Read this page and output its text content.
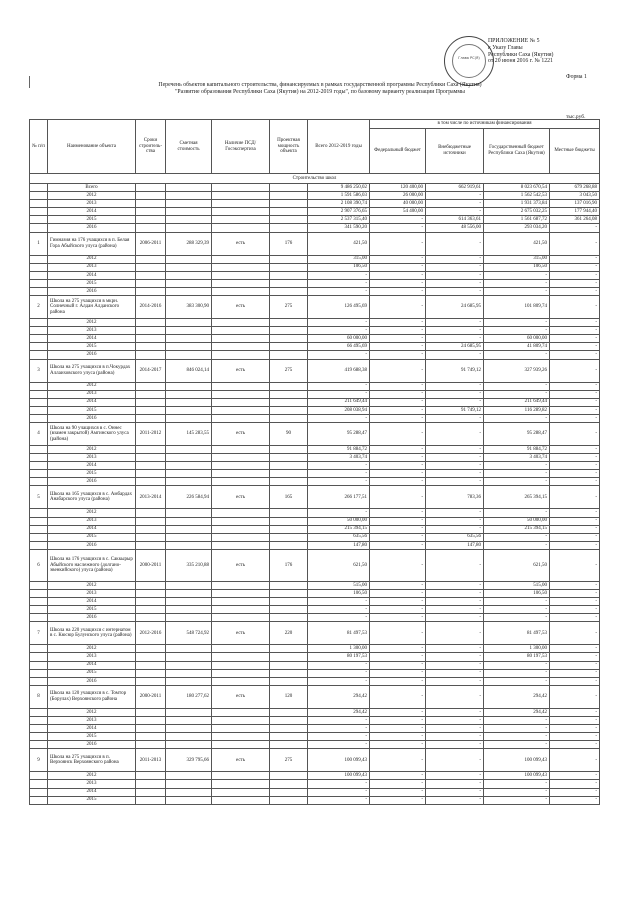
Глава РС(Я)
ПРИЛОЖЕНИЕ № 5
к Указу Главы
Республики Саха (Якутия)
от 20 июня 2016 г. № 1221
Форма 1
Перечень объектов капитального строительства, финансируемых в рамках государственной программы Республики Саха (Якутия)
"Развитие образования Республики Саха (Якутия) на 2012-2019 годы", по базовому варианту реализации Программы
тыс.руб.
№ п/п	Наименование объекта	Сроки строитель-ства	Сметная стоимость	Наличие ПСД/ Госэкспертиза	Проектная мощность объекта	Всего 2012-2019 годы	в том числе по источникам финансирования			
							Федеральный бюджет	Внебюджетные источники	Государственный бюджет Республики Саха (Якутия)	Местные бюджеты
Строительство школ										
	Всего					9 486 250,02	120 400,00	662 919,61	8 023 670,54	679 268,88
	2012					1 591 586,03	26 000,00	-	1 562 542,53	3 043,50
	2013					2 108 390,74	40 000,00	-	1 931 373,84	137 016,90
	2014					2 907 376,65	54 400,00	-	2 675 032,25	177 944,40
	2015					2 537 315,40	-	614 363,61	1 561 687,72	361 264,08
	2016					341 590,20	-	48 556,00	293 034,20	-
1	Гимназия на 176 учащихся в п. Белая Гора Абыйского улуса (района)	2006-2011	288 329,39	есть	176	421,50	-	-	421,50	-
	2012					315,00	-	-	315,00	-
	2013					106,50	-	-	106,50	-
	2014					-	-	-	-	-
	2015					-	-	-	-	-
	2016					-	-	-	-	-
2	Школа на 275 учащихся в мкрн. Солнечный г. Алдан Алданского района	2014-2016	383 300,90	есть	275	126 495,69	-	24 685,95	101 809,74	-
	2012					-	-	-	-	-
	2013					-	-	-	-	-
	2014					60 000,00	-	-	60 000,00	-
	2015					66 495,69	-	24 685,95	41 809,74	-
	2016					-	-	-	-	-
3	Школа на 275 учащихся в п.Чокурдах Аллаиховского улуса (района)	2014-2017	846 024,14	есть	275	419 688,38	-	91 749,12	327 939,26	-
	2012					-	-	-	-	-
	2013					-	-	-	-	-
	2014					211 649,44	-	-	211 649,44	-
	2015					208 038,94	-	91 749,12	116 289,82	-
	2016					-	-	-	-	-
4	Школа на 90 учащихся в с. Оннес (взамен закрытой) Амгинского улуса (района)	2011-2012	145 283,55	есть	90	95 288,47	-	-	95 288,47	-
	2012					91 884,72	-	-	91 884,72	-
	2013					3 403,74	-	-	3 403,74	-
	2014					-	-	-	-	-
	2015					-	-	-	-	-
	2016					-	-	-	-	-
5	Школа на 165 учащихся в с. Амбардах Анабарского улуса (района)	2013-2014	226 584,94	есть	165	266 177,51	-	783,36	265 394,15	-
	2012					-	-	-	-	-
	2013					50 000,00	-	-	50 000,00	-
	2014					215 394,15	-	-	215 394,15	-
	2015					635,56	-	635,56	-	-
	2016					147,80	-	147,80	-	-
6	Школа на 176 учащихся в с. Саккырыр Абыйского наслежного (долгано-эвенкийского) улуса (района)	2000-2011	335 210,88	есть	176	621,50	-	-	621,50	-
	2012					515,00	-	-	515,00	-
	2013					106,50	-	-	106,50	-
	2014					-	-	-	-	-
	2015					-	-	-	-	-
	2016					-	-	-	-	-
7	Школа на 220 учащихся с интернатом в с. Кюсюр Булунского улуса (района)	2012-2016	548 724,92	есть	220	81 497,53	-	-	81 497,53	-
	2012					1 300,00	-	-	1 300,00	-
	2013					80 197,53	-	-	80 197,53	-
	2014					-	-	-	-	-
	2015					-	-	-	-	-
	2016					-	-	-	-	-
8	Школа на 120 учащихся в с. Томтор (Борулах) Верхоянского района	2000-2011	180 277,62	есть	120	294,42	-	-	294,42	-
	2012					294,42	-	-	294,42	-
	2013					-	-	-	-	-
	2014					-	-	-	-	-
	2015					-	-	-	-	-
	2016					-	-	-	-	-
9	Школа на 275 учащихся в п. Верхоянск Верхоянского района	2011-2013	329 795,66	есть	275	100 099,43	-	-	100 099,43	-
	2012					100 099,43	-	-	100 099,43	-
	2013					-	-	-	-	-
	2014					-	-	-	-	-
	2015					-	-	-	-	-
